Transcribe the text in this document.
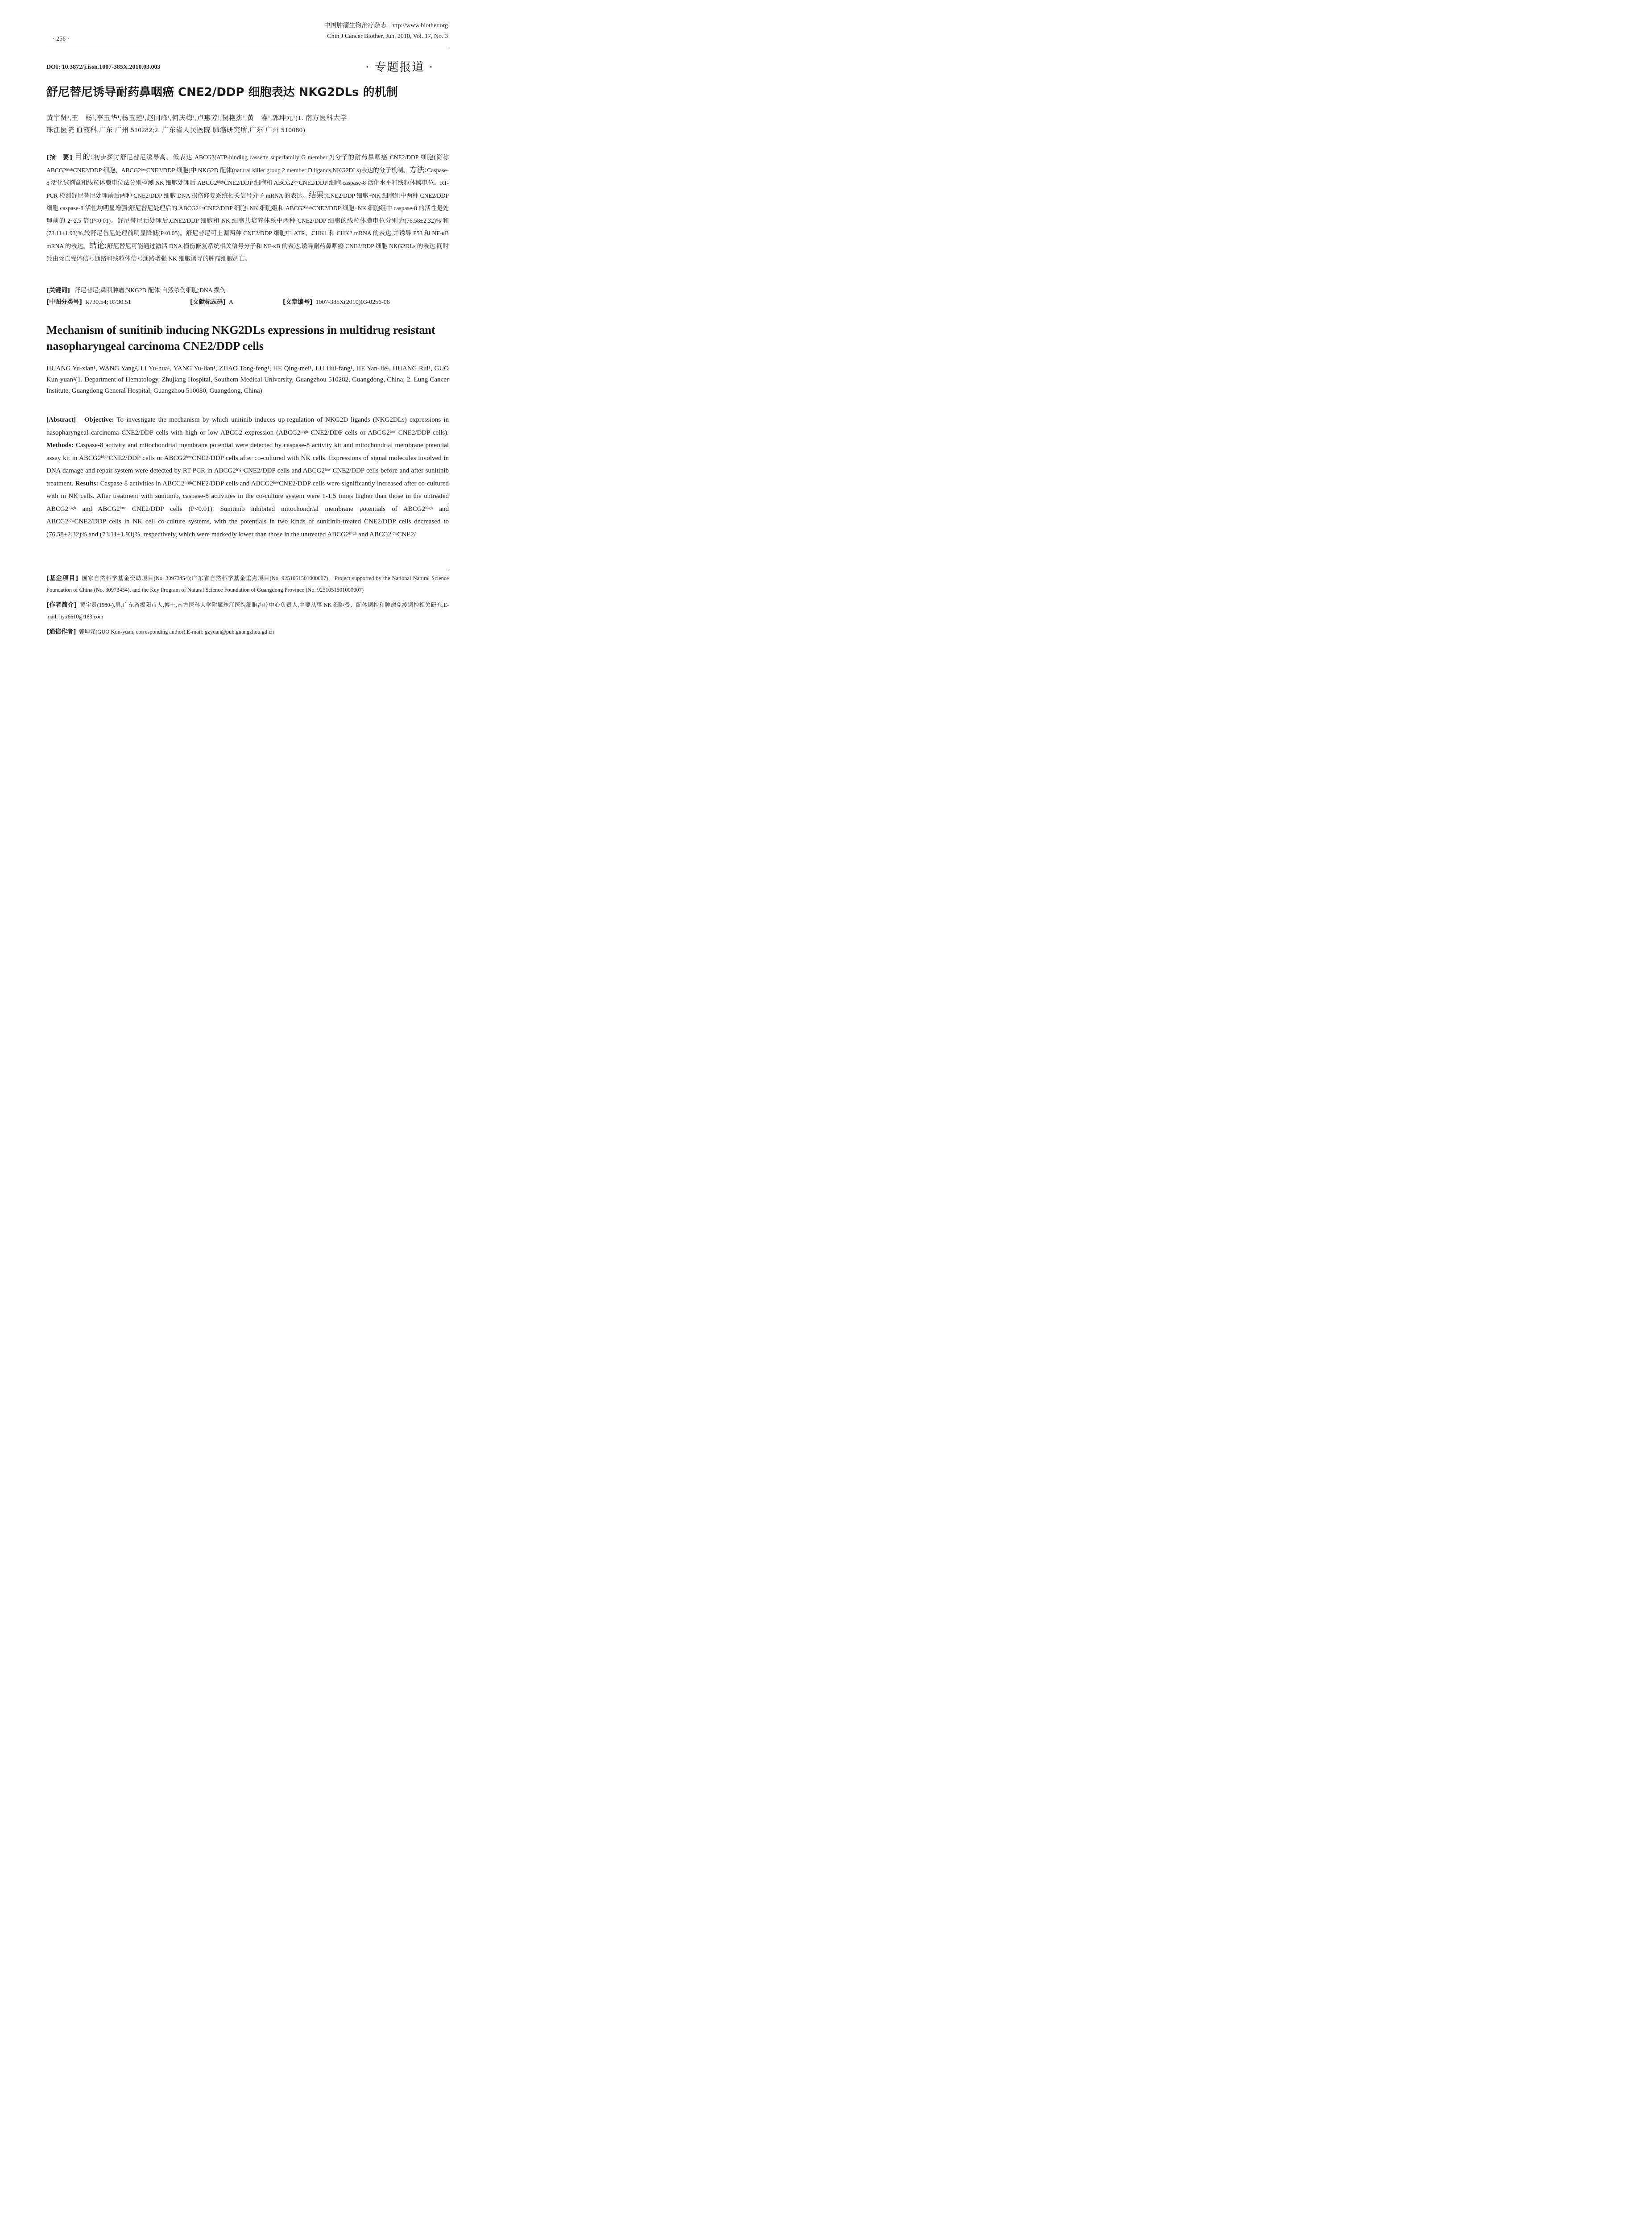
中国肿瘤生物治疗杂志 http://www.biother.org
Chin J Cancer Biother, Jun. 2010, Vol. 17, No. 3
· 256 ·
DOI: 10.3872/j.issn.1007-385X.2010.03.003	· 专题报道 ·
舒尼替尼诱导耐药鼻咽癌 CNE2/DDP 细胞表达 NKG2DLs 的机制
黄宇贤¹,王　杨²,李玉华¹,杨玉莲¹,赵同峰¹,何庆梅¹,卢惠芳¹,贺艳杰¹,黄　睿¹,郭坤元¹(1. 南方医科大学
珠江医院 血液科,广东 广州 510282;2. 广东省人民医院 肺癌研究所,广东 广州 510080)
[摘　要] 目的:初步探讨舒尼替尼诱导高、低表达 ABCG2(ATP-binding cassette superfamily G member 2)分子的耐药鼻咽癌 CNE2/DDP 细胞(简称 ABCG2ʰⁱᵍʰCNE2/DDP 细胞、ABCG2ˡᵒʷCNE2/DDP 细胞)中 NKG2D 配体(natural killer group 2 member D ligands,NKG2DLs)表达的分子机制。方法:Caspase-8 活化试剂盒和线粒体膜电位法分别检测 NK 细胞处理后 ABCG2ʰⁱᵍʰCNE2/DDP 细胞和 ABCG2ˡᵒʷCNE2/DDP 细胞 caspase-8 活化水平和线粒体膜电位。RT-PCR 检测舒尼替尼处理前后两种 CNE2/DDP 细胞 DNA 损伤修复系统相关信号分子 mRNA 的表达。结果:CNE2/DDP 细胞+NK 细胞组中两种 CNE2/DDP 细胞 caspase-8 活性均明显增强;舒尼替尼处理后的 ABCG2ˡᵒʷCNE2/DDP 细胞+NK 细胞组和 ABCG2ʰⁱᵍʰCNE2/DDP 细胞+NK 细胞组中 caspase-8 的活性是处理前的 2~2.5 倍(P<0.01)。舒尼替尼预处理后,CNE2/DDP 细胞和 NK 细胞共培养体系中两种 CNE2/DDP 细胞的线粒体膜电位分别为(76.58±2.32)% 和(73.11±1.93)%,较舒尼替尼处理前明显降低(P<0.05)。舒尼替尼可上调两种 CNE2/DDP 细胞中 ATR、CHK1 和 CHK2 mRNA 的表达,并诱导 P53 和 NF-κB mRNA 的表达。结论:舒尼替尼可能通过激活 DNA 损伤修复系统相关信号分子和 NF-κB 的表达,诱导耐药鼻咽癌 CNE2/DDP 细胞 NKG2DLs 的表达,同时经由死亡受体信号通路和线粒体信号通路增强 NK 细胞诱导的肿瘤细胞凋亡。
[关键词] 舒尼替尼;鼻咽肿瘤;NKG2D 配体;自然杀伤细胞;DNA 损伤
[中图分类号] R730.54; R730.51	[文献标志码] A	[文章编号] 1007-385X(2010)03-0256-06
Mechanism of sunitinib inducing NKG2DLs expressions in multidrug resistant nasopharyngeal carcinoma CNE2/DDP cells
HUANG Yu-xian¹, WANG Yang², LI Yu-hua¹, YANG Yu-lian¹, ZHAO Tong-feng¹, HE Qing-mei¹, LU Hui-fang¹, HE Yan-Jie¹, HUANG Rui¹, GUO Kun-yuan¹(1. Department of Hematology, Zhujiang Hospital, Southern Medical University, Guangzhou 510282, Guangdong, China; 2. Lung Cancer Institute, Guangdong General Hospital, Guangzhou 510080, Guangdong, China)
[Abstract] Objective: To investigate the mechanism by which unitinib induces up-regulation of NKG2D ligands (NKG2DLs) expressions in nasopharyngeal carcinoma CNE2/DDP cells with high or low ABCG2 expression (ABCG2ʰⁱᵍʰ CNE2/DDP cells or ABCG2ˡᵒʷ CNE2/DDP cells). Methods: Caspase-8 activity and mitochondrial membrane potential were detected by caspase-8 activity kit and mitochondrial membrane potential assay kit in ABCG2ʰⁱᵍʰCNE2/DDP cells or ABCG2ˡᵒʷCNE2/DDP cells after co-cultured with NK cells. Expressions of signal molecules involved in DNA damage and repair system were detected by RT-PCR in ABCG2ʰⁱᵍʰCNE2/DDP cells and ABCG2ˡᵒʷ CNE2/DDP cells before and after sunitinib treatment. Results: Caspase-8 activities in ABCG2ʰⁱᵍʰCNE2/DDP cells and ABCG2ˡᵒʷCNE2/DDP cells were significantly increased after co-cultured with in NK cells. After treatment with sunitinib, caspase-8 activities in the co-culture system were 1-1.5 times higher than those in the untreated ABCG2ʰⁱᵍʰ and ABCG2ˡᵒʷ CNE2/DDP cells (P<0.01). Sunitinib inhibited mitochondrial membrane potentials of ABCG2ʰⁱᵍʰ and ABCG2ˡᵒʷCNE2/DDP cells in NK cell co-culture systems, with the potentials in two kinds of sunitinib-treated CNE2/DDP cells decreased to (76.58±2.32)% and (73.11±1.93)%, respectively, which were markedly lower than those in the untreated ABCG2ʰⁱᵍʰ and ABCG2ˡᵒʷCNE2/

[基金项目] 国家自然科学基金资助项目(No. 30973454);广东省自然科学基金重点项目(No. 9251051501000007)。Project supported by the National Natural Science Foundation of China (No. 30973454), and the Key Program of Natural Science Foundation of Guangdong Province (No. 9251051501000007)

[作者简介] 黄宇贤(1980-),男,广东省揭阳市人,博士,南方医科大学附属珠江医院细胞治疗中心负责人,主要从事 NK 细胞受、配体调控和肿瘤免疫调控相关研究,E-mail: hyx6610@163.com

[通信作者] 郭坤元(GUO Kun-yuan, corresponding author),E-mail: gzyuan@pub.guangzhou.gd.cn
